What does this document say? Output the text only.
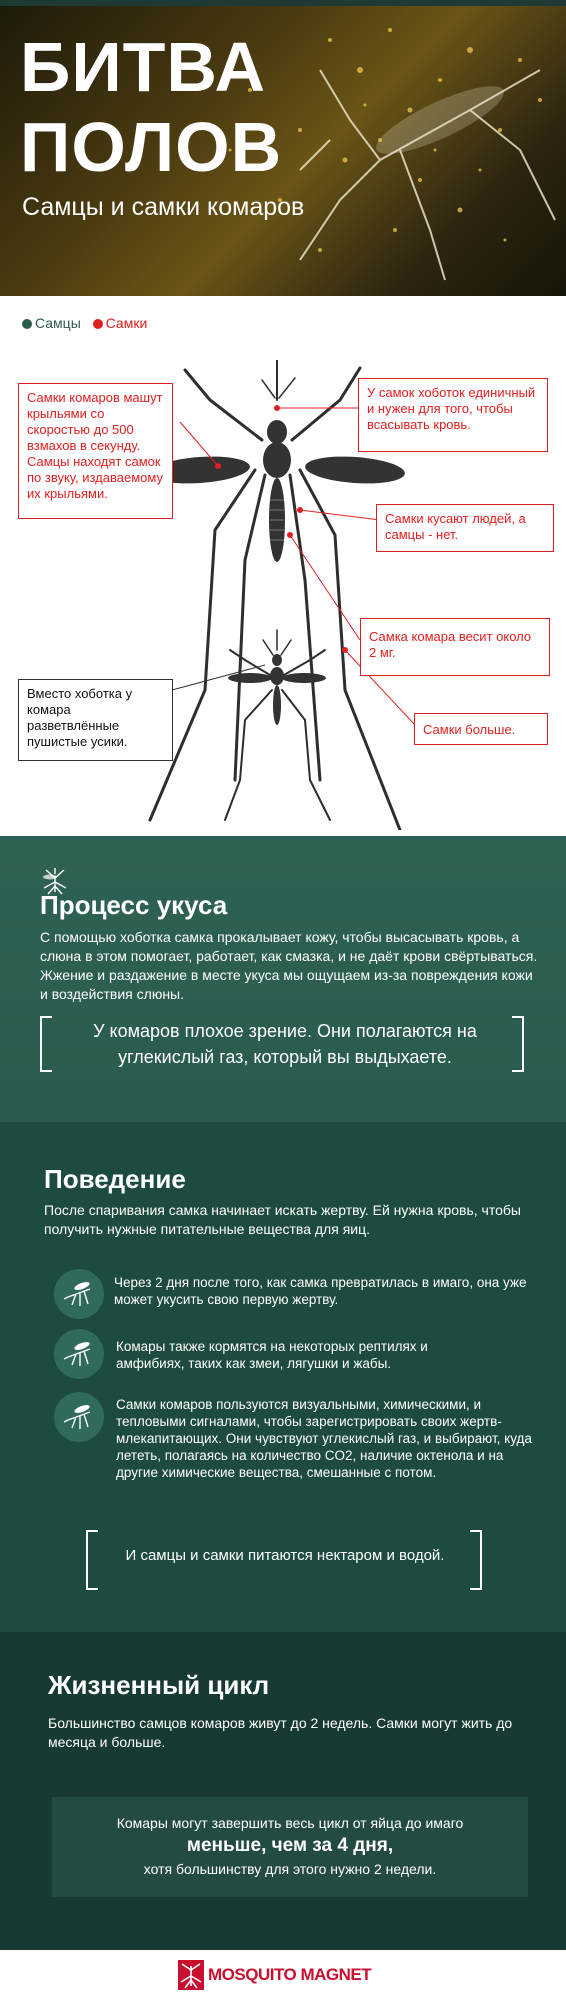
БИТВА
ПОЛОВ
Самцы и самки комаров
Самцы Самки
Самки комаров машут крыльями со скоростью до 500 взмахов в секунду. Самцы находят самок по звуку, издаваемому их крыльями.
У самок хоботок единичный и нужен для того, чтобы всасывать кровь.
Самки кусают людей, а самцы - нет.
Самка комара весит около 2 мг.
Вместо хоботка у комара разветвлённые пушистые усики.
Самки больше.
Процесс укуса
С помощью хоботка самка прокалывает кожу, чтобы высасывать кровь, а слюна в этом помогает, работает, как смазка, и не даёт крови свёртываться. Жжение и раздажение в месте укуса мы ощущаем из-за повреждения кожи и воздействия слюны.
У комаров плохое зрение. Они полагаются на углекислый газ, который вы выдыхаете.
Поведение
После спаривания самка начинает искать жертву. Ей нужна кровь, чтобы получить нужные питательные вещества для яиц.
Через 2 дня после того, как самка превратилась в имаго, она уже может укусить свою первую жертву.
Комары также кормятся на некоторых рептилях и амфибиях, таких как змеи, лягушки и жабы.
Самки комаров пользуются визуальными, химическими, и тепловыми сигналами, чтобы зарегистрировать своих жертв-млекапитающих. Они чувствуют углекислый газ, и выбирают, куда лететь, полагаясь на количество CO2, наличие октенола и на другие химические вещества, смешанные с потом.
И самцы и самки питаются нектаром и водой.
Жизненный цикл
Большинство самцов комаров живут до 2 недель. Самки могут жить до месяца и больше.
Комары могут завершить весь цикл от яйца до имаго
меньше, чем за 4 дня,
хотя большинству для этого нужно 2 недели.
MOSQUITO MAGNET
